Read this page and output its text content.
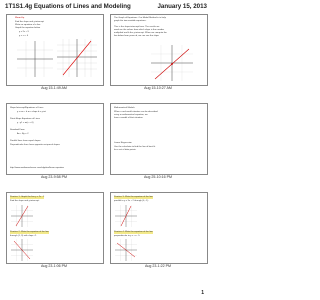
1T1S1.4g Equations of Lines and Modeling	January 15, 2013
Warm-Up
Find the slope and y-intercept
Write an equation of a line
Graph the equation below
y = 2x + 3
y = -x + 4
Aug 15-1:49 AM
The Graph of Equations: Our Model Method is to help
graph the two-variable equations.
This is the slope-intercept form. The results we
need are the values from which slope is the number
multiplied and b the y-intercept. When we compute the
line below from y=mx+b, we can see the slope
Aug 15-10:27 AM
Slope-Intercept/Equations of Lines
y = mx + b m = slope b = y-int
Point-Slope Equations of Lines
y - y1 = m(x - x1)
Standard Form
Ax + By = C
Parallel lines have equal slopes
Perpendicular lines have opposite reciprocal slopes
http://www.mathwarehouse.com/algebra/linear-equation
Aug 23-9:58 PM
Mathematical Models
When a real world situation can be described
using a mathematical equation, we
have a model of that situation.
Linear Regression
Use the calculator to find the line of best fit
for a set of data points.
Aug 25-10:16 PM
Practice 1: Graph the line y = 2x - 1
Find the slope and y-intercept.
Practice 2: Write the equation of the line
through (1, 3) with slope -2.
Aug 23-1:06 PM
Practice 3: Write the equation of the line
parallel to y = 3x + 2 through (0, -1).
Practice 4: Write the equation of the line
perpendicular to y = -x + 5.
Aug 23-1:22 PM
1
